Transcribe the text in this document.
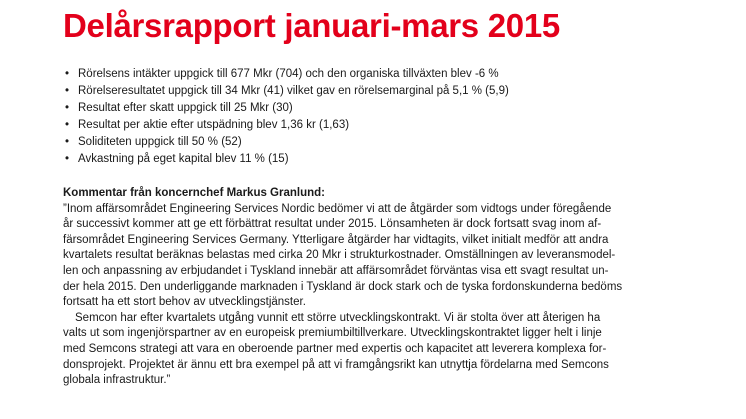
Delårsrapport januari-mars 2015
• Rörelsens intäkter uppgick till 677 Mkr (704) och den organiska tillväxten blev -6 %
• Rörelseresultatet uppgick till 34 Mkr (41) vilket gav en rörelsemarginal på 5,1 % (5,9)
• Resultat efter skatt uppgick till 25 Mkr (30)
• Resultat per aktie efter utspädning blev 1,36 kr (1,63)
• Soliditeten uppgick till 50 % (52)
• Avkastning på eget kapital blev 11 % (15)

Kommentar från koncernchef Markus Granlund:

”Inom affärsområdet Engineering Services Nordic bedömer vi att de åtgärder som vidtogs under föregående
år successivt kommer att ge ett förbättrat resultat under 2015. Lönsamheten är dock fortsatt svag inom af-
färsområdet Engineering Services Germany. Ytterligare åtgärder har vidtagits, vilket initialt medför att andra
kvartalets resultat beräknas belastas med cirka 20 Mkr i strukturkostnader. Omställningen av leveransmodel-
len och anpassning av erbjudandet i Tyskland innebär att affärsområdet förväntas visa ett svagt resultat un-
der hela 2015. Den underliggande marknaden i Tyskland är dock stark och de tyska fordonskunderna bedöms
fortsatt ha ett stort behov av utvecklingstjänster.

Semcon har efter kvartalets utgång vunnit ett större utvecklingskontrakt. Vi är stolta över att återigen ha
valts ut som ingenjörspartner av en europeisk premiumbiltillverkare. Utvecklingskontraktet ligger helt i linje
med Semcons strategi att vara en oberoende partner med expertis och kapacitet att leverera komplexa for-
donsprojekt. Projektet är ännu ett bra exempel på att vi framgångsrikt kan utnyttja fördelarna med Semcons
globala infrastruktur.”
